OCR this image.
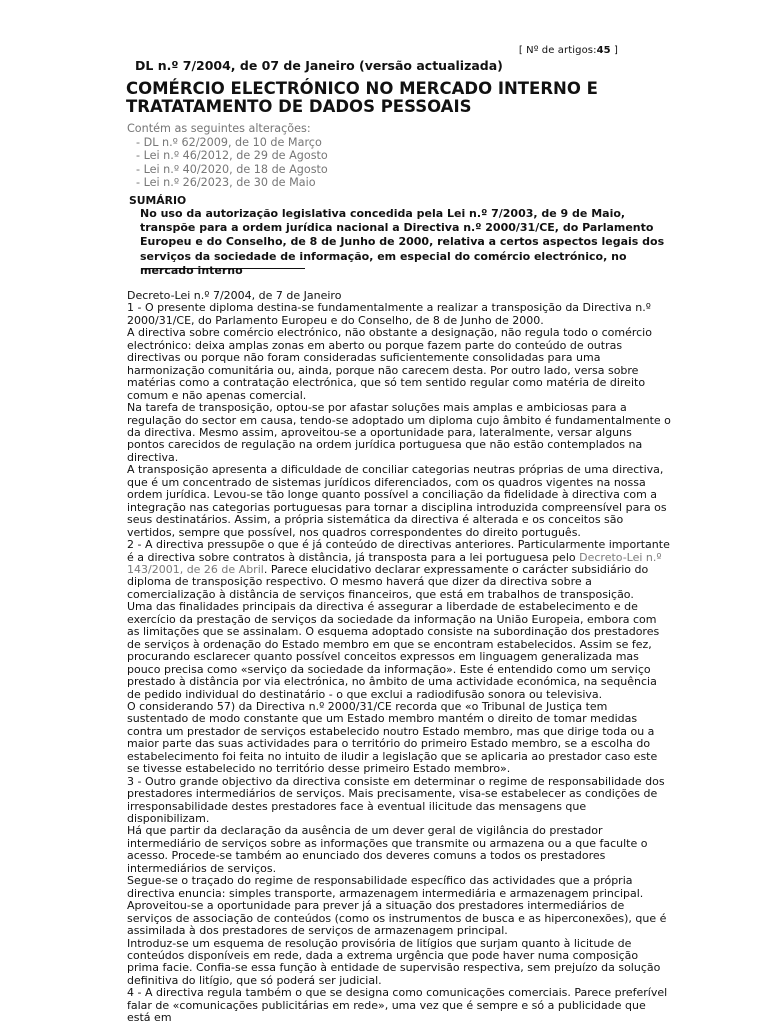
[ Nº de artigos:45 ]
DL n.º 7/2004, de 07 de Janeiro (versão actualizada)
COMÉRCIO ELECTRÓNICO NO MERCADO INTERNO E TRATATAMENTO DE DADOS PESSOAIS
Contém as seguintes alterações:
- DL n.º 62/2009, de 10 de Março
- Lei n.º 46/2012, de 29 de Agosto
- Lei n.º 40/2020, de 18 de Agosto
- Lei n.º 26/2023, de 30 de Maio
SUMÁRIO
No uso da autorização legislativa concedida pela Lei n.º 7/2003, de 9 de Maio, transpõe para a ordem jurídica nacional a Directiva n.º 2000/31/CE, do Parlamento Europeu e do Conselho, de 8 de Junho de 2000, relativa a certos aspectos legais dos serviços da sociedade de informação, em especial do comércio electrónico, no mercado interno

Decreto-Lei n.º 7/2004, de 7 de Janeiro

1 - O presente diploma destina-se fundamentalmente a realizar a transposição da Directiva n.º 2000/31/CE, do Parlamento Europeu e do Conselho, de 8 de Junho de 2000.

A directiva sobre comércio electrónico, não obstante a designação, não regula todo o comércio electrónico: deixa amplas zonas em aberto ou porque fazem parte do conteúdo de outras directivas ou porque não foram consideradas suficientemente consolidadas para uma harmonização comunitária ou, ainda, porque não carecem desta. Por outro lado, versa sobre matérias como a contratação electrónica, que só tem sentido regular como matéria de direito comum e não apenas comercial.

Na tarefa de transposição, optou-se por afastar soluções mais amplas e ambiciosas para a regulação do sector em causa, tendo-se adoptado um diploma cujo âmbito é fundamentalmente o da directiva. Mesmo assim, aproveitou-se a oportunidade para, lateralmente, versar alguns pontos carecidos de regulação na ordem jurídica portuguesa que não estão contemplados na directiva.

A transposição apresenta a dificuldade de conciliar categorias neutras próprias de uma directiva, que é um concentrado de sistemas jurídicos diferenciados, com os quadros vigentes na nossa ordem jurídica. Levou-se tão longe quanto possível a conciliação da fidelidade à directiva com a integração nas categorias portuguesas para tornar a disciplina introduzida compreensível para os seus destinatários. Assim, a própria sistemática da directiva é alterada e os conceitos são vertidos, sempre que possível, nos quadros correspondentes do direito português.

2 - A directiva pressupõe o que é já conteúdo de directivas anteriores. Particularmente importante é a directiva sobre contratos à distância, já transposta para a lei portuguesa pelo Decreto-Lei n.º 143/2001, de 26 de Abril. Parece elucidativo declarar expressamente o carácter subsidiário do diploma de transposição respectivo. O mesmo haverá que dizer da directiva sobre a comercialização à distância de serviços financeiros, que está em trabalhos de transposição.

Uma das finalidades principais da directiva é assegurar a liberdade de estabelecimento e de exercício da prestação de serviços da sociedade da informação na União Europeia, embora com as limitações que se assinalam. O esquema adoptado consiste na subordinação dos prestadores de serviços à ordenação do Estado membro em que se encontram estabelecidos. Assim se fez, procurando esclarecer quanto possível conceitos expressos em linguagem generalizada mas pouco precisa como «serviço da sociedade da informação». Este é entendido como um serviço prestado à distância por via electrónica, no âmbito de uma actividade económica, na sequência de pedido individual do destinatário - o que exclui a radiodifusão sonora ou televisiva.

O considerando 57) da Directiva n.º 2000/31/CE recorda que «o Tribunal de Justiça tem sustentado de modo constante que um Estado membro mantém o direito de tomar medidas contra um prestador de serviços estabelecido noutro Estado membro, mas que dirige toda ou a maior parte das suas actividades para o território do primeiro Estado membro, se a escolha do estabelecimento foi feita no intuito de iludir a legislação que se aplicaria ao prestador caso este se tivesse estabelecido no território desse primeiro Estado membro».

3 - Outro grande objectivo da directiva consiste em determinar o regime de responsabilidade dos prestadores intermediários de serviços. Mais precisamente, visa-se estabelecer as condições de irresponsabilidade destes prestadores face à eventual ilicitude das mensagens que disponibilizam.

Há que partir da declaração da ausência de um dever geral de vigilância do prestador intermediário de serviços sobre as informações que transmite ou armazena ou a que faculte o acesso. Procede-se também ao enunciado dos deveres comuns a todos os prestadores intermediários de serviços.

Segue-se o traçado do regime de responsabilidade específico das actividades que a própria directiva enuncia: simples transporte, armazenagem intermediária e armazenagem principal. Aproveitou-se a oportunidade para prever já a situação dos prestadores intermediários de serviços de associação de conteúdos (como os instrumentos de busca e as hiperconexões), que é assimilada à dos prestadores de serviços de armazenagem principal.

Introduz-se um esquema de resolução provisória de litígios que surjam quanto à licitude de conteúdos disponíveis em rede, dada a extrema urgência que pode haver numa composição prima facie. Confia-se essa função à entidade de supervisão respectiva, sem prejuízo da solução definitiva do litígio, que só poderá ser judicial.

4 - A directiva regula também o que se designa como comunicações comerciais. Parece preferível falar de «comunicações publicitárias em rede», uma vez que é sempre e só a publicidade que está em
